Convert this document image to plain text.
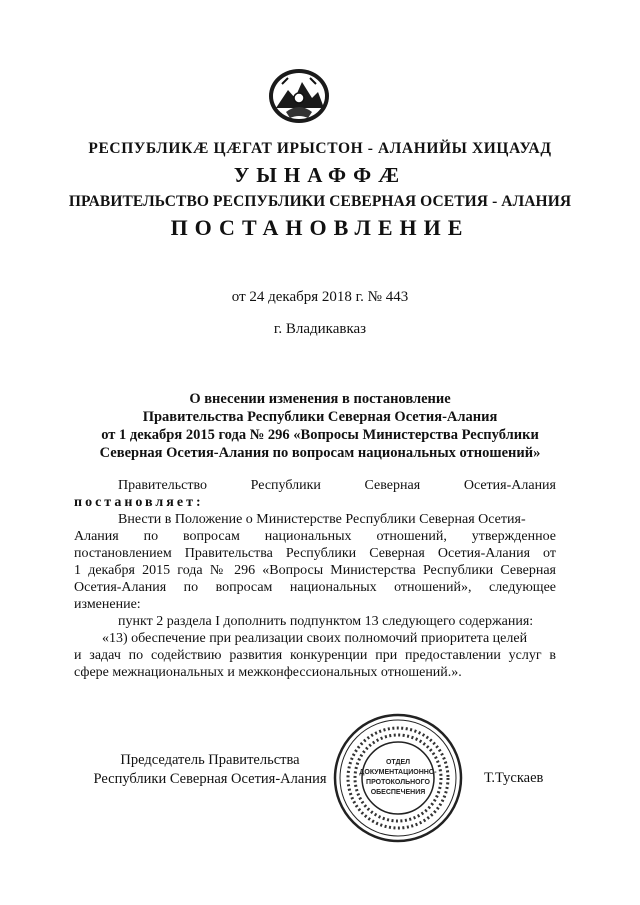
РЕСПУБЛИКÆ ЦÆГАТ ИРЫСТОН - АЛАНИЙЫ ХИЦАУАД
УЫНАФФÆ
ПРАВИТЕЛЬСТВО РЕСПУБЛИКИ СЕВЕРНАЯ ОСЕТИЯ - АЛАНИЯ
ПОСТАНОВЛЕНИЕ
от 24 декабря 2018 г. № 443
г. Владикавказ
О внесении изменения в постановление
Правительства Республики Северная Осетия-Алания
от 1 декабря 2015 года № 296 «Вопросы Министерства Республики
Северная Осетия-Алания по вопросам национальных отношений»
Правительство Республики Северная Осетия-Алания
постановляет:
Внести в Положение о Министерстве Республики Северная Осетия-
Алания по вопросам национальных отношений, утвержденное
постановлением Правительства Республики Северная Осетия-Алания от
1 декабря 2015 года № 296 «Вопросы Министерства Республики Северная
Осетия-Алания по вопросам национальных отношений», следующее
изменение:
пункт 2 раздела I дополнить подпунктом 13 следующего содержания:
«13) обеспечение при реализации своих полномочий приоритета целей
и задач по содействию развития конкуренции при предоставлении услуг в
сфере межнациональных и межконфессиональных отношений.».
Председатель Правительства
Республики Северная Осетия-Алания
ОТДЕЛ
ДОКУМЕНТАЦИОННО-
ПРОТОКОЛЬНОГО
ОБЕСПЕЧЕНИЯ
Т.Тускаев
